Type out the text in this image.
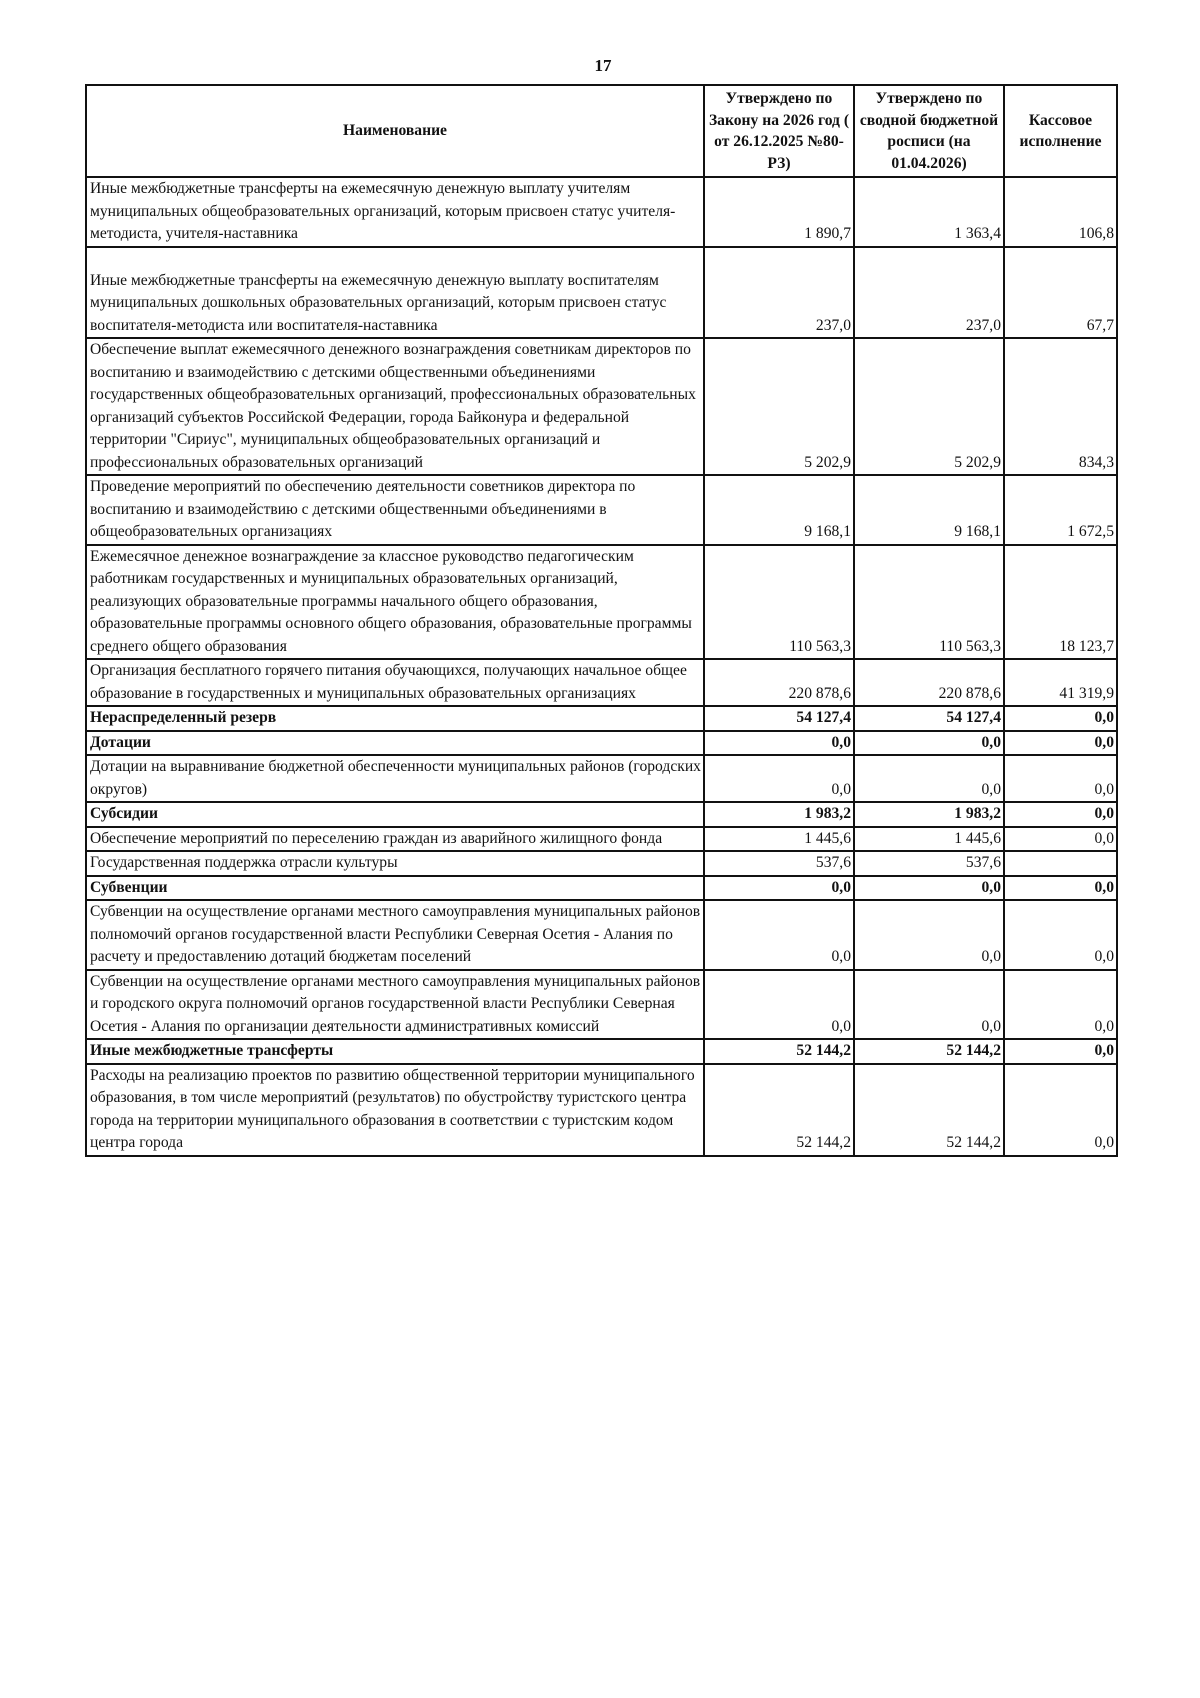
17
Наименование	Утверждено по Закону на 2026 год ( от 26.12.2025 №80-РЗ)	Утверждено по сводной бюджетной росписи (на 01.04.2026)	Кассовое исполнение
Иные межбюджетные трансферты на ежемесячную денежную выплату учителям муниципальных общеобразовательных организаций, которым присвоен статус учителя-методиста, учителя-наставника	1 890,7	1 363,4	106,8

Иные межбюджетные трансферты на ежемесячную денежную выплату воспитателям муниципальных дошкольных образовательных организаций, которым присвоен статус воспитателя-методиста или воспитателя-наставника	237,0	237,0	67,7
Обеспечение выплат ежемесячного денежного вознаграждения советникам директоров по воспитанию и взаимодействию с детскими общественными объединениями государственных общеобразовательных организаций, профессиональных образовательных организаций субъектов Российской Федерации, города Байконура и федеральной территории "Сириус", муниципальных общеобразовательных организаций и профессиональных образовательных организаций	5 202,9	5 202,9	834,3
Проведение мероприятий по обеспечению деятельности советников директора по воспитанию и взаимодействию с детскими общественными объединениями в общеобразовательных организациях	9 168,1	9 168,1	1 672,5
Ежемесячное денежное вознаграждение за классное руководство педагогическим работникам государственных и муниципальных образовательных организаций, реализующих образовательные программы начального общего образования, образовательные программы основного общего образования, образовательные программы среднего общего образования	110 563,3	110 563,3	18 123,7
Организация бесплатного горячего питания обучающихся, получающих начальное общее образование в государственных и муниципальных образовательных организациях	220 878,6	220 878,6	41 319,9
Нераспределенный резерв	54 127,4	54 127,4	0,0
Дотации	0,0	0,0	0,0
Дотации на выравнивание бюджетной обеспеченности муниципальных районов (городских округов)	0,0	0,0	0,0
Субсидии	1 983,2	1 983,2	0,0
Обеспечение мероприятий по переселению граждан из аварийного жилищного фонда	1 445,6	1 445,6	0,0
Государственная поддержка отрасли культуры	537,6	537,6	
Субвенции	0,0	0,0	0,0
Субвенции на осуществление органами местного самоуправления муниципальных районов полномочий органов государственной власти Республики Северная Осетия - Алания по расчету и предоставлению дотаций бюджетам поселений	0,0	0,0	0,0
Субвенции на осуществление органами местного самоуправления муниципальных районов и городского округа полномочий органов государственной власти Республики Северная Осетия - Алания по организации деятельности административных комиссий	0,0	0,0	0,0
Иные межбюджетные трансферты	52 144,2	52 144,2	0,0
Расходы на реализацию проектов по развитию общественной территории муниципального образования, в том числе мероприятий (результатов) по обустройству туристского центра города на территории муниципального образования в соответствии с туристским кодом центра города	52 144,2	52 144,2	0,0
